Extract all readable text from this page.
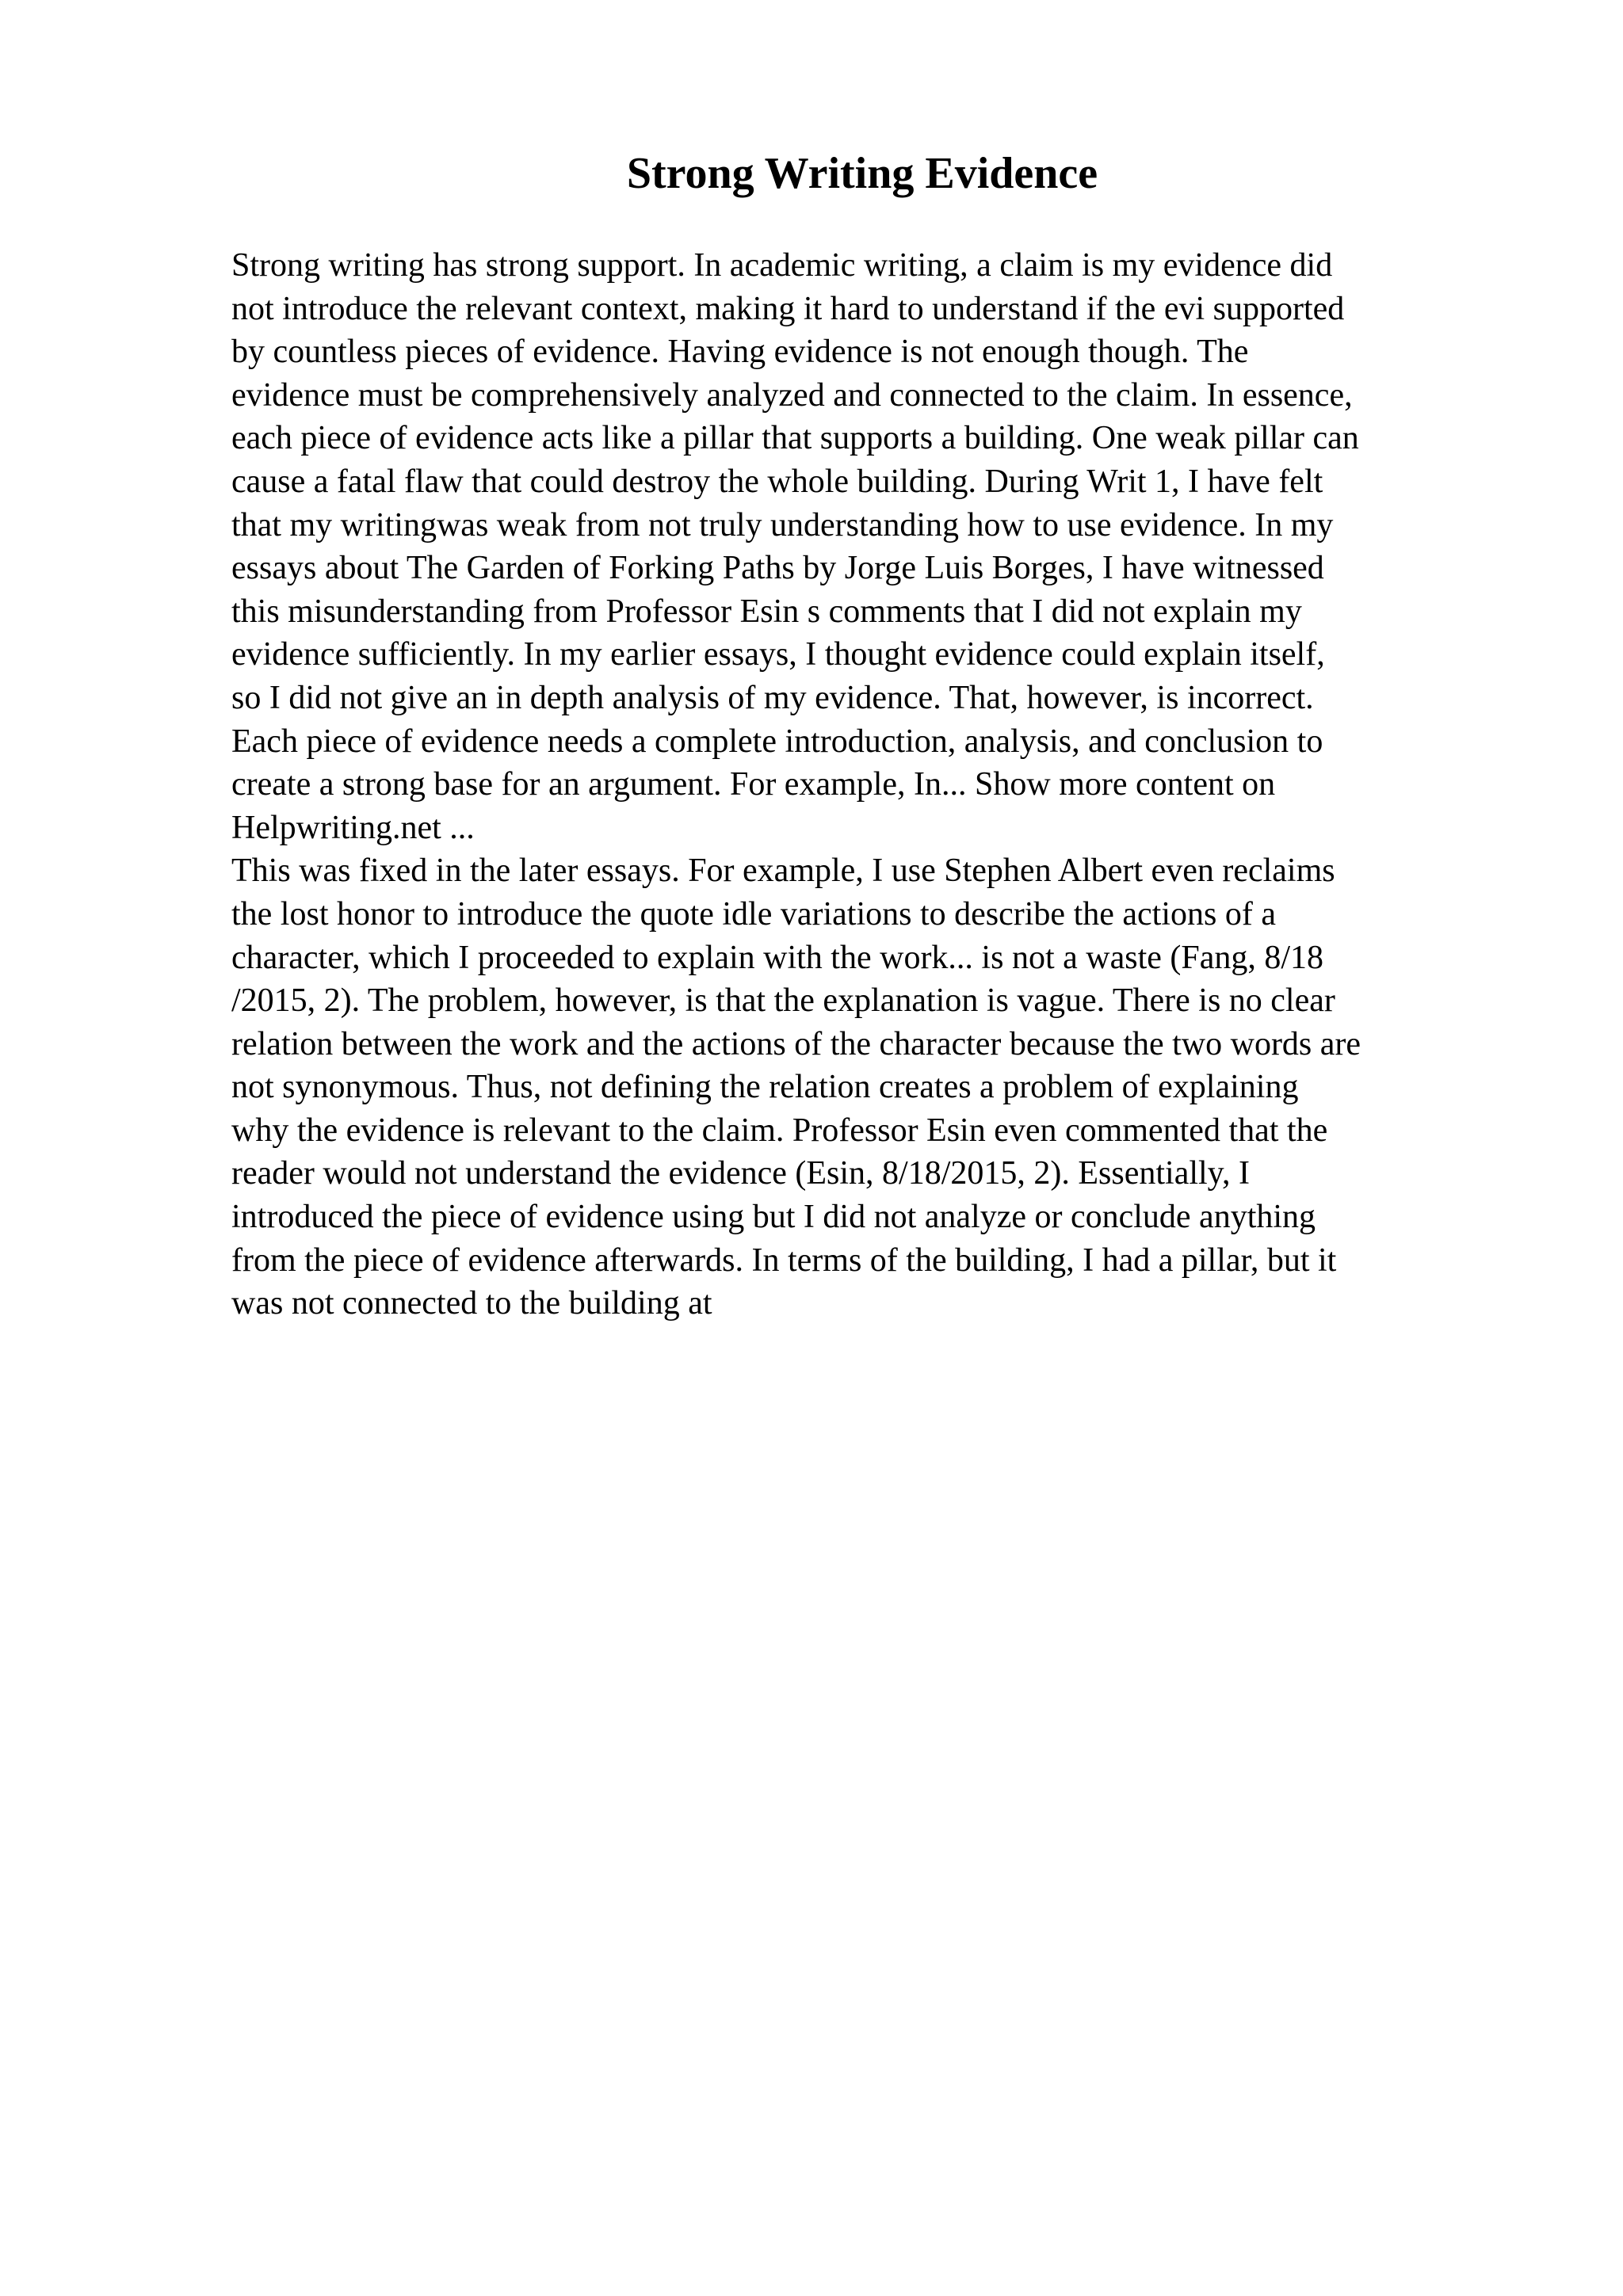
Strong Writing Evidence

Strong writing has strong support. In academic writing, a claim is my evidence did
not introduce the relevant context, making it hard to understand if the evi supported
by countless pieces of evidence. Having evidence is not enough though. The
evidence must be comprehensively analyzed and connected to the claim. In essence,
each piece of evidence acts like a pillar that supports a building. One weak pillar can
cause a fatal flaw that could destroy the whole building. During Writ 1, I have felt
that my writingwas weak from not truly understanding how to use evidence. In my
essays about The Garden of Forking Paths by Jorge Luis Borges, I have witnessed
this misunderstanding from Professor Esin s comments that I did not explain my
evidence sufficiently. In my earlier essays, I thought evidence could explain itself,
so I did not give an in depth analysis of my evidence. That, however, is incorrect.
Each piece of evidence needs a complete introduction, analysis, and conclusion to
create a strong base for an argument. For example, In... Show more content on
Helpwriting.net ...

This was fixed in the later essays. For example, I use Stephen Albert even reclaims
the lost honor to introduce the quote idle variations to describe the actions of a
character, which I proceeded to explain with the work... is not a waste (Fang, 8/18
/2015, 2). The problem, however, is that the explanation is vague. There is no clear
relation between the work and the actions of the character because the two words are
not synonymous. Thus, not defining the relation creates a problem of explaining
why the evidence is relevant to the claim. Professor Esin even commented that the
reader would not understand the evidence (Esin, 8/18/2015, 2). Essentially, I
introduced the piece of evidence using but I did not analyze or conclude anything
from the piece of evidence afterwards. In terms of the building, I had a pillar, but it
was not connected to the building at
